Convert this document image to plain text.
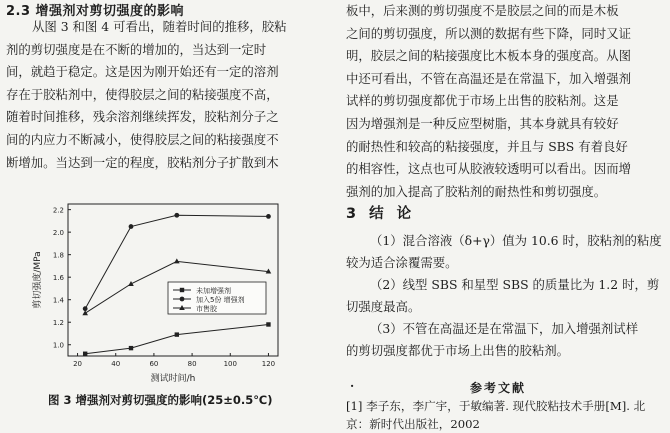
2.3 增强剂对剪切强度的影响
从图 3 和图 4 可看出，随着时间的推移，胶粘
剂的剪切强度是在不断的增加的，当达到一定时
间，就趋于稳定。这是因为刚开始还有一定的溶剂
存在于胶粘剂中，使得胶层之间的粘接强度不高，
随着时间推移，残余溶剂继续挥发，胶粘剂分子之
间的内应力不断减小，使得胶层之间的粘接强度不
断增加。当达到一定的程度，胶粘剂分子扩散到木
1.0
1.2
1.4
1.6
1.8
2.0
2.2
20	40	60	80	100	120
测试时间/h
剪切强度/MPa	未加增强剂
加入5份 增强剂
市售胶
图 3 增强剂对剪切强度的影响(25±0.5℃)
板中，后来测的剪切强度不是胶层之间的而是木板
之间的剪切强度，所以测的数据有些下降，同时又证
明，胶层之间的粘接强度比木板本身的强度高。从图
中还可看出，不管在高温还是在常温下，加入增强剂
试样的剪切强度都优于市场上出售的胶粘剂。这是
因为增强剂是一种反应型树脂，其本身就具有较好
的耐热性和较高的粘接强度，并且与 SBS 有着良好
的相容性，这点也可从胶液较透明可以看出。因而增
强剂的加入提高了胶粘剂的耐热性和剪切强度。
3 结 论
（1）混合溶液（δ+γ）值为 10.6 时，胶粘剂的粘度
较为适合涂覆需要。
（2）线型 SBS 和星型 SBS 的质量比为 1.2 时，剪
切强度最高。
（3）不管在高温还是在常温下，加入增强剂试样
的剪切强度都优于市场上出售的胶粘剂。
·	参考文献
[1] 李子东，李广宇，于敏编著. 现代胶粘技术手册[M]. 北
京：新时代出版社，2002
